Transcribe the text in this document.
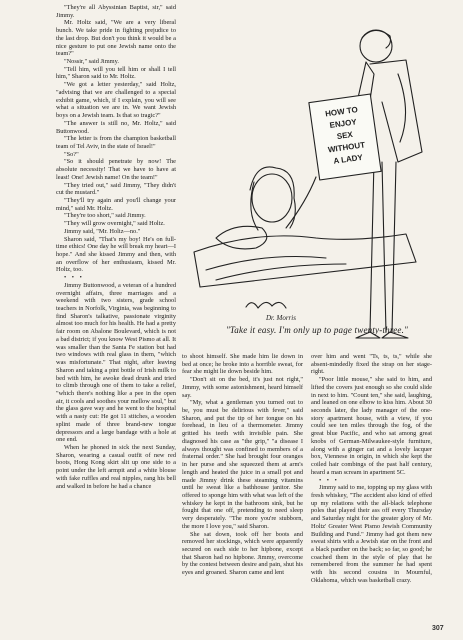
"They're all Abyssinian Baptist, sir," said Jimmy.

Mr. Holtz said, "We are a very liberal bunch. We take pride in fighting prejudice to the last drop. But don't you think it would be a nice gesture to put one Jewish name onto the team?"

"Nossir," said Jimmy.

"Tell him, will you tell him or shall I tell him," Sharon said to Mr. Holtz.

"We got a letter yesterday," said Holtz, "advising that we are challenged to a special exhibit game, which, if I explain, you will see what a situation we are in. We want Jewish boys on a Jewish team. Is that so tragic?"

"The answer is still no, Mr. Holtz," said Buttonwood.

"The letter is from the champion basketball team of Tel Aviv, in the state of Israel!"

"So?"

"So it should penetrate by now! The absolute necessity! That we have to have at least! One! Jewish name! On the team!"

"They tried out," said Jimmy, "They didn't cut the mustard."

"They'll try again and you'll change your mind," said Mr. Holtz.

"They're too short," said Jimmy.

"They will grow overnight," said Holtz.

Jimmy said, "Mr. Holtz—no."

Sharon said, "That's my boy! He's on full-time ethics! One day he will break my heart—I hope." And she kissed Jimmy and then, with an overflow of her enthusiasm, kissed Mr. Holtz, too.

• • •

Jimmy Buttonwood, a veteran of a hundred overnight affairs, three marriages and a weekend with two sisters, grade school teachers in Norfolk, Virginia, was beginning to find Sharon's talkative, passionate virginity almost too much for his health. He had a pretty fair room on Abalone Boulevard, which is not a bad district; if you know West Pismo at all. It was smaller than the Santa Fe station but had two windows with real glass in them, "which was misfortunate." That night, after leaving Sharon and taking a pint bottle of Irish milk to bed with him, he awoke dead drunk and tried to climb through one of them to take a relief, "which there's nothing like a pee in the open air, it cools and soothes your mellow soul," but the glass gave way and he went to the hospital with a nasty cut: He got 11 stitches, a wooden splint made of three brand-new tongue depressors and a large bandage with a hole at one end.

When he phoned in sick the next Sunday, Sharon, wearing a casual outfit of new red boots, Hong Kong skirt slit up one side to a point under the left armpit and a white blouse with fake ruffles and real nipples, rang his bell and walked in before he had a chance

HOW TO
ENJOY
SEX
WITHOUT
A LADY
Dr. Morris
"Take it easy. I'm only up to page twenty-three."

to shoot himself. She made him lie down in bed at once; he broke into a horrible sweat, for fear she might lie down beside him.

"Don't sit on the bed, it's just not right," Jimmy, with some astonishment, heard himself say.

"My, what a gentleman you turned out to be, you must be delirious with fever," said Sharon, and put the tip of her tongue on his forehead, in lieu of a thermometer. Jimmy gritted his teeth with invisible pain. She diagnosed his case as "the grip," "a disease I always thought was confined to members of a fraternal order." She had brought four oranges in her purse and she squeezed them at arm's length and heated the juice in a small pot and made Jimmy drink these steaming vitamins until he sweat like a bathhouse janitor. She offered to sponge him with what was left of the whiskey he kept in the bathroom sink, but he fought that one off, pretending to need sleep very desperately. "The more you're stubborn, the more I love you," said Sharon.

She sat down, took off her boots and removed her stockings, which were apparently secured on each side to her hipbone, except that Sharon had no hipbone. Jimmy, overcome by the contest between desire and pain, shut his eyes and groaned. Sharon came and lent

over him and went "Ts, ts, ts," while she absent-mindedly fixed the strap on her stage-right.

"Poor little mouse," she said to him, and lifted the covers just enough so she could slide in next to him. "Count ten," she said, laughing, and leaned on one elbow to kiss him. About 30 seconds later, the lady manager of the one-story apartment house, with a view, if you could see ten miles through the fog, of the great blue Pacific, and who sat among great knobs of German-Milwaukee-style furniture, along with a ginger cat and a lovely lacquer box, Viennese in origin, in which she kept the coiled hair combings of the past half century, heard a man scream in apartment 5C.

• • •

Jimmy said to me, topping up my glass with fresh whiskey, "The accident also kind of effed up my relations with the all-black telephone poles that played their ass off every Thursday and Saturday night for the greater glory of Mr. Holtz' Greater West Pismo Jewish Community Building and Fund." Jimmy had got them new sweat shirts with a Jewish star on the front and a black panther on the back; so far, so good; he coached them in the style of play that he remembered from the summer he had spent with his second cousins in Mournful, Oklahoma, which was basketball crazy.

307
